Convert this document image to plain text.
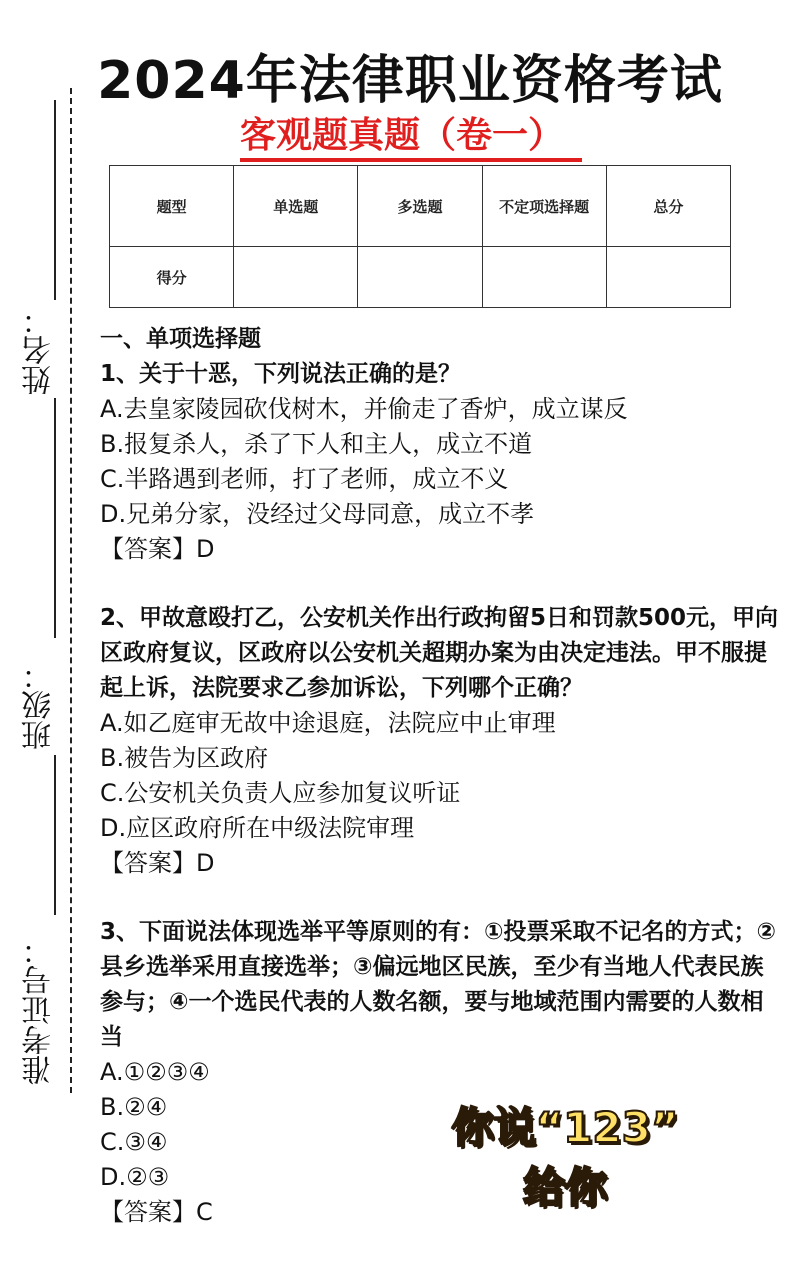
姓名：
班级：
准考证号：
2024年法律职业资格考试
客观题真题（卷一）
题型	单选题	多选题	不定项选择题	总分
得分				
一、单项选择题
1、关于十恶，下列说法正确的是？
A.去皇家陵园砍伐树木，并偷走了香炉，成立谋反
B.报复杀人，杀了下人和主人，成立不道
C.半路遇到老师，打了老师，成立不义
D.兄弟分家，没经过父母同意，成立不孝
【答案】D
2、甲故意殴打乙，公安机关作出行政拘留5日和罚款500元，甲向区政府复议，区政府以公安机关超期办案为由决定违法。甲不服提起上诉，法院要求乙参加诉讼，下列哪个正确？
A.如乙庭审无故中途退庭，法院应中止审理
B.被告为区政府
C.公安机关负责人应参加复议听证
D.应区政府所在中级法院审理
【答案】D
3、下面说法体现选举平等原则的有：①投票采取不记名的方式；②县乡选举采用直接选举；③偏远地区民族，至少有当地人代表民族参与；④一个选民代表的人数名额，要与地域范围内需要的人数相当
A.①②③④
B.②④
C.③④
D.②③
【答案】C
你说“123”
给你
